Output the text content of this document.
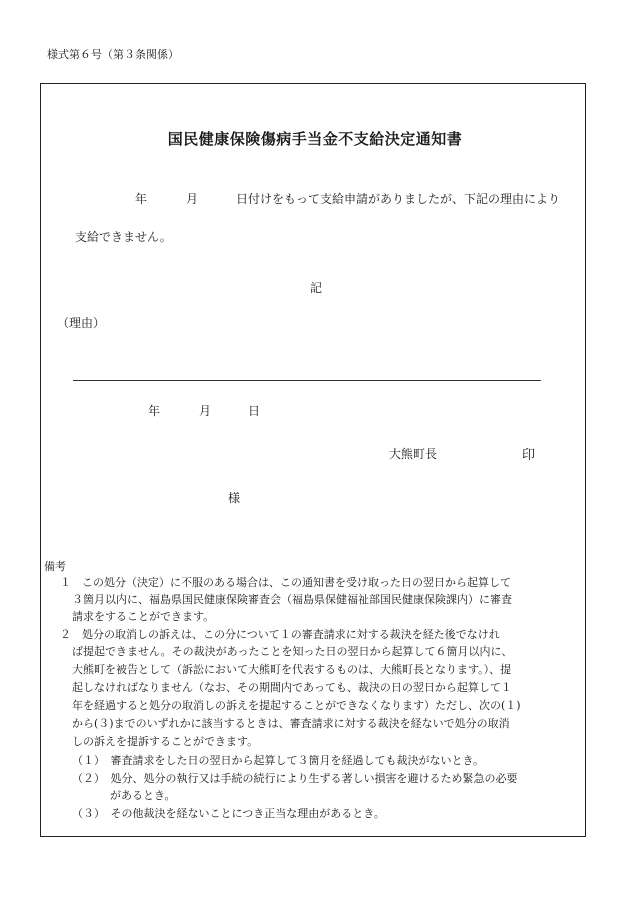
様式第６号（第３条関係）
国民健康保険傷病手当金不支給決定通知書
年	月	日付けをもって支給申請がありましたが、下記の理由により
支給できません。
記
（理由）
年	月	日
大熊町長	印
様
備考
１　この処分（決定）に不服のある場合は、この通知書を受け取った日の翌日から起算して
３箇月以内に、福島県国民健康保険審査会（福島県保健福祉部国民健康保険課内）に審査
請求をすることができます。
２　処分の取消しの訴えは、この分について１の審査請求に対する裁決を経た後でなけれ
ば提起できません。その裁決があったことを知った日の翌日から起算して６箇月以内に、
大熊町を被告として（訴訟において大熊町を代表するものは、大熊町長となります。）、提
起しなければなりません（なお、その期間内であっても、裁決の日の翌日から起算して１
年を経過すると処分の取消しの訴えを提起することができなくなります）ただし、次の(１)
から(３)までのいずれかに該当するときは、審査請求に対する裁決を経ないで処分の取消
しの訴えを提訴することができます。
（１）　審査請求をした日の翌日から起算して３箇月を経過しても裁決がないとき。
（２）　処分、処分の執行又は手続の続行により生ずる著しい損害を避けるため緊急の必要
があるとき。
（３）　その他裁決を経ないことにつき正当な理由があるとき。
